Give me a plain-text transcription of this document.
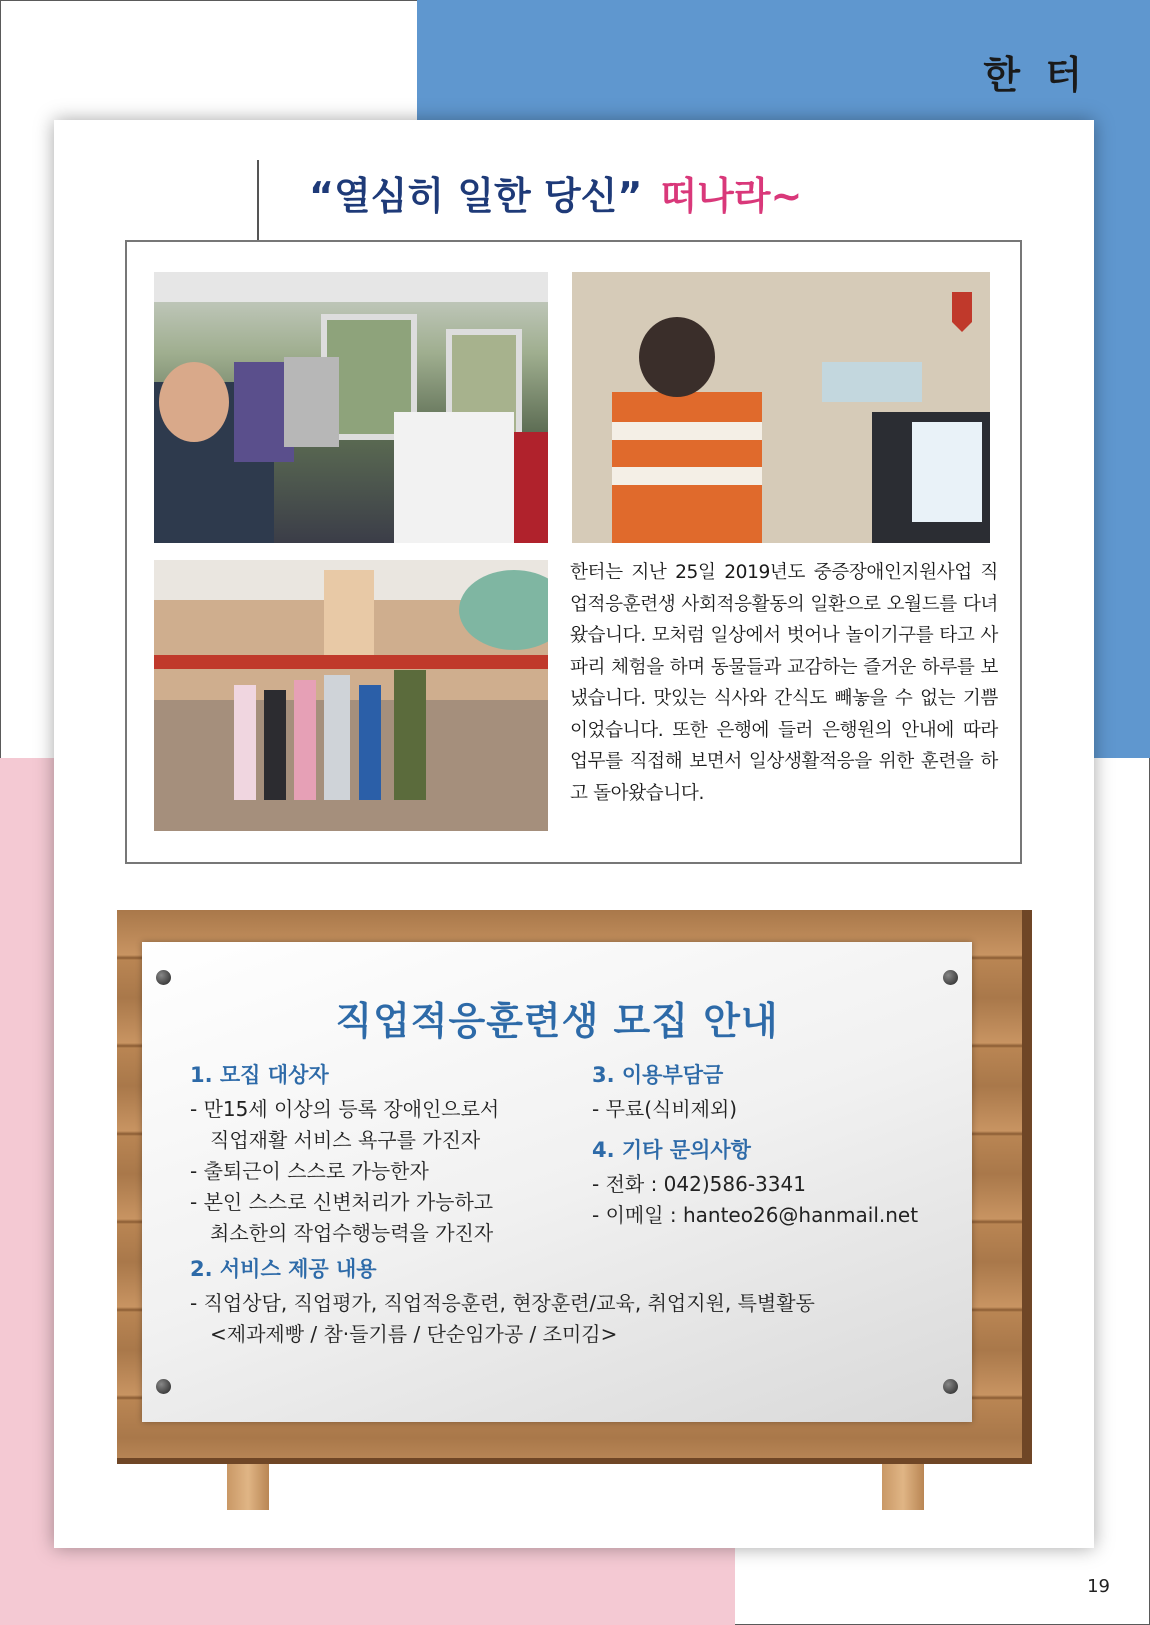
한 터
“열심히 일한 당신” 떠나라~
한터는 지난 25일 2019년도 중증장애인지원사업 직업적응훈련생 사회적응활동의 일환으로 오월드를 다녀왔습니다. 모처럼 일상에서 벗어나 놀이기구를 타고 사파리 체험을 하며 동물들과 교감하는 즐거운 하루를 보냈습니다. 맛있는 식사와 간식도 빼놓을 수 없는 기쁨이었습니다. 또한 은행에 들러 은행원의 안내에 따라 업무를 직접해 보면서 일상생활적응을 위한 훈련을 하고 돌아왔습니다.
직업적응훈련생 모집 안내
1. 모집 대상자
- 만15세 이상의 등록 장애인으로서
직업재활 서비스 욕구를 가진자
- 출퇴근이 스스로 가능한자
- 본인 스스로 신변처리가 가능하고
최소한의 작업수행능력을 가진자
3. 이용부담금
- 무료(식비제외)
4. 기타 문의사항
- 전화 : 042)586-3341
- 이메일 : hanteo26@hanmail.net
2. 서비스 제공 내용
- 직업상담, 직업평가, 직업적응훈련, 현장훈련/교육, 취업지원, 특별활동
<제과제빵 / 참·들기름 / 단순임가공 / 조미김>
19
